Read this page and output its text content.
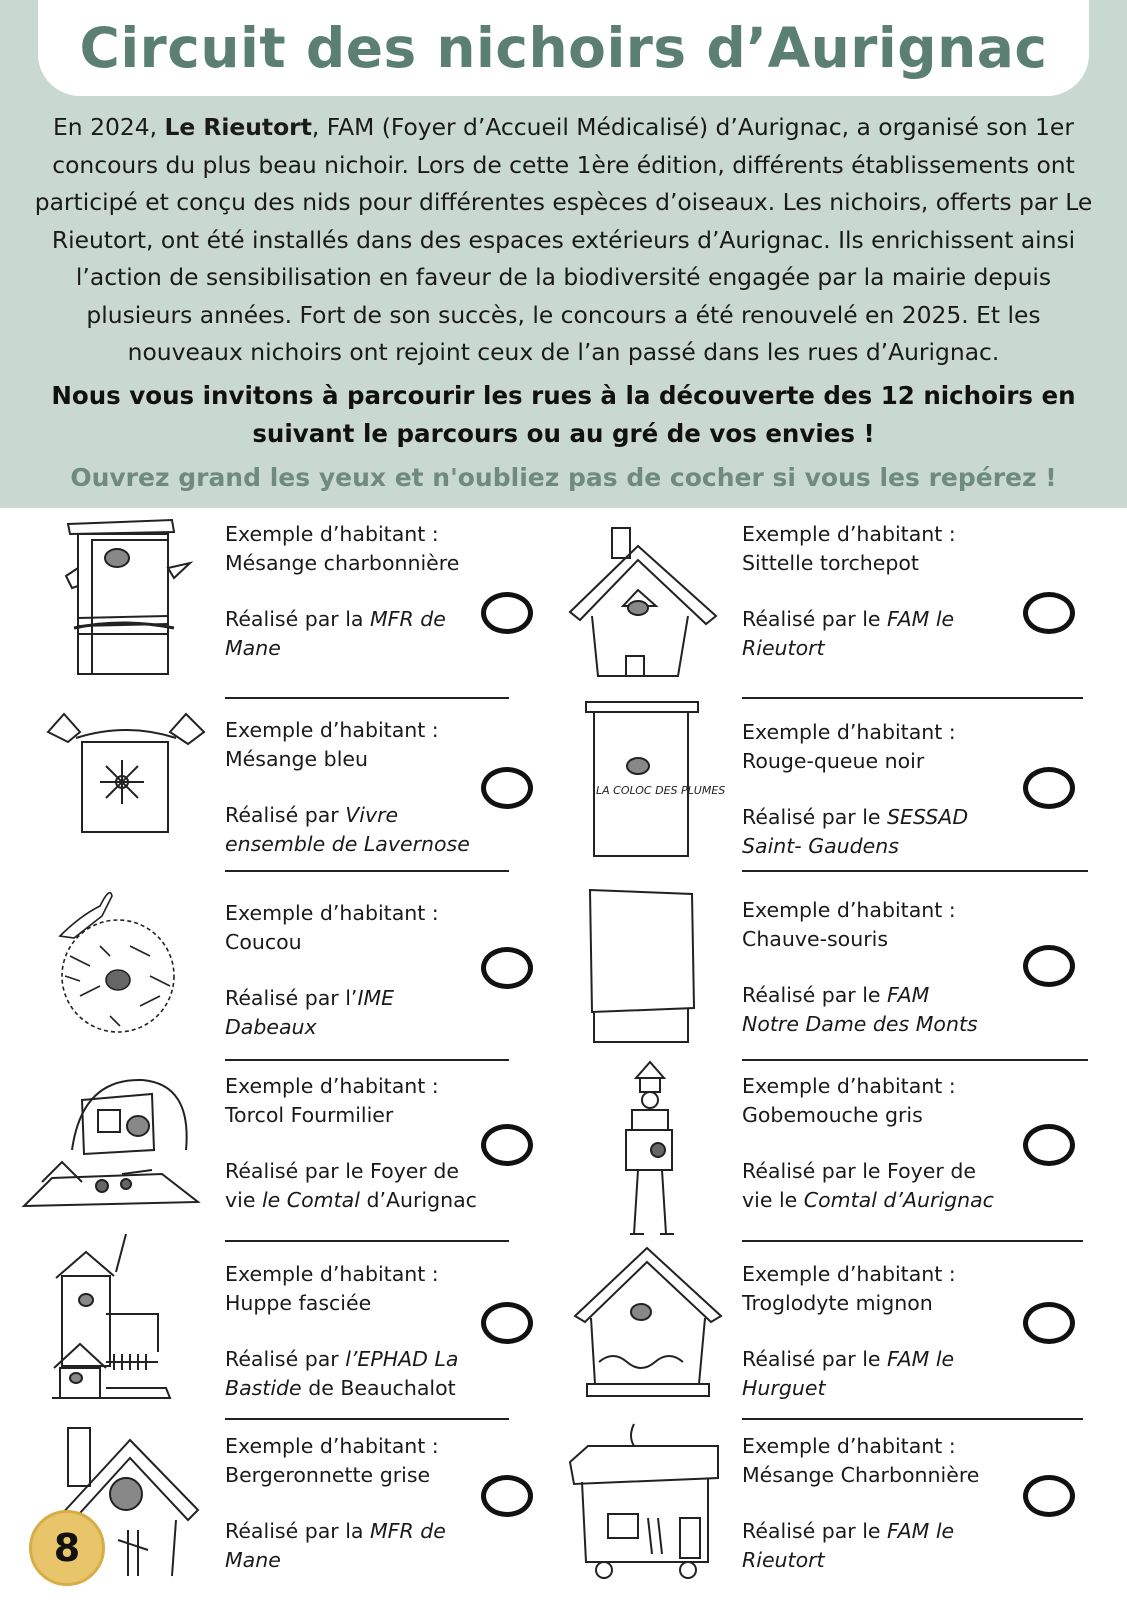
Circuit des nichoirs d’Aurignac

En 2024, Le Rieutort, FAM (Foyer d’Accueil Médicalisé) d’Aurignac, a organisé son 1er concours du plus beau nichoir. Lors de cette 1ère édition, différents établissements ont participé et conçu des nids pour différentes espèces d’oiseaux. Les nichoirs, offerts par Le Rieutort, ont été installés dans des espaces extérieurs d’Aurignac. Ils enrichissent ainsi l’action de sensibilisation en faveur de la biodiversité engagée par la mairie depuis plusieurs années. Fort de son succès, le concours a été renouvelé en 2025. Et les nouveaux nichoirs ont rejoint ceux de l’an passé dans les rues d’Aurignac.

Nous vous invitons à parcourir les rues à la découverte des 12 nichoirs en suivant le parcours ou au gré de vos envies !

Ouvrez grand les yeux et n'oubliez pas de cocher si vous les repérez !

Exemple d’habitant :
Mésange charbonnière
Réalisé par la MFR de Mane
Exemple d’habitant :
Sittelle torchepot
Réalisé par le FAM le Rieutort
Exemple d’habitant :
Mésange bleu
Réalisé par Vivre ensemble de Lavernose
LA COLOC DES PLUMES
Exemple d’habitant :
Rouge-queue noir
Réalisé par le SESSAD Saint- Gaudens
Exemple d’habitant :
Coucou
Réalisé par l’IME Dabeaux
Exemple d’habitant :
Chauve-souris
Réalisé par le FAM Notre Dame des Monts
Exemple d’habitant :
Torcol Fourmilier
Réalisé par le Foyer de vie le Comtal d’Aurignac
Exemple d’habitant :
Gobemouche gris
Réalisé par le Foyer de vie le Comtal d’Aurignac
Exemple d’habitant :
Huppe fasciée
Réalisé par l’EPHAD La Bastide de Beauchalot
Exemple d’habitant :
Troglodyte mignon
Réalisé par le FAM le Hurguet
Exemple d’habitant :
Bergeronnette grise
Réalisé par la MFR de Mane
Exemple d’habitant :
Mésange Charbonnière
Réalisé par le FAM le Rieutort
8
